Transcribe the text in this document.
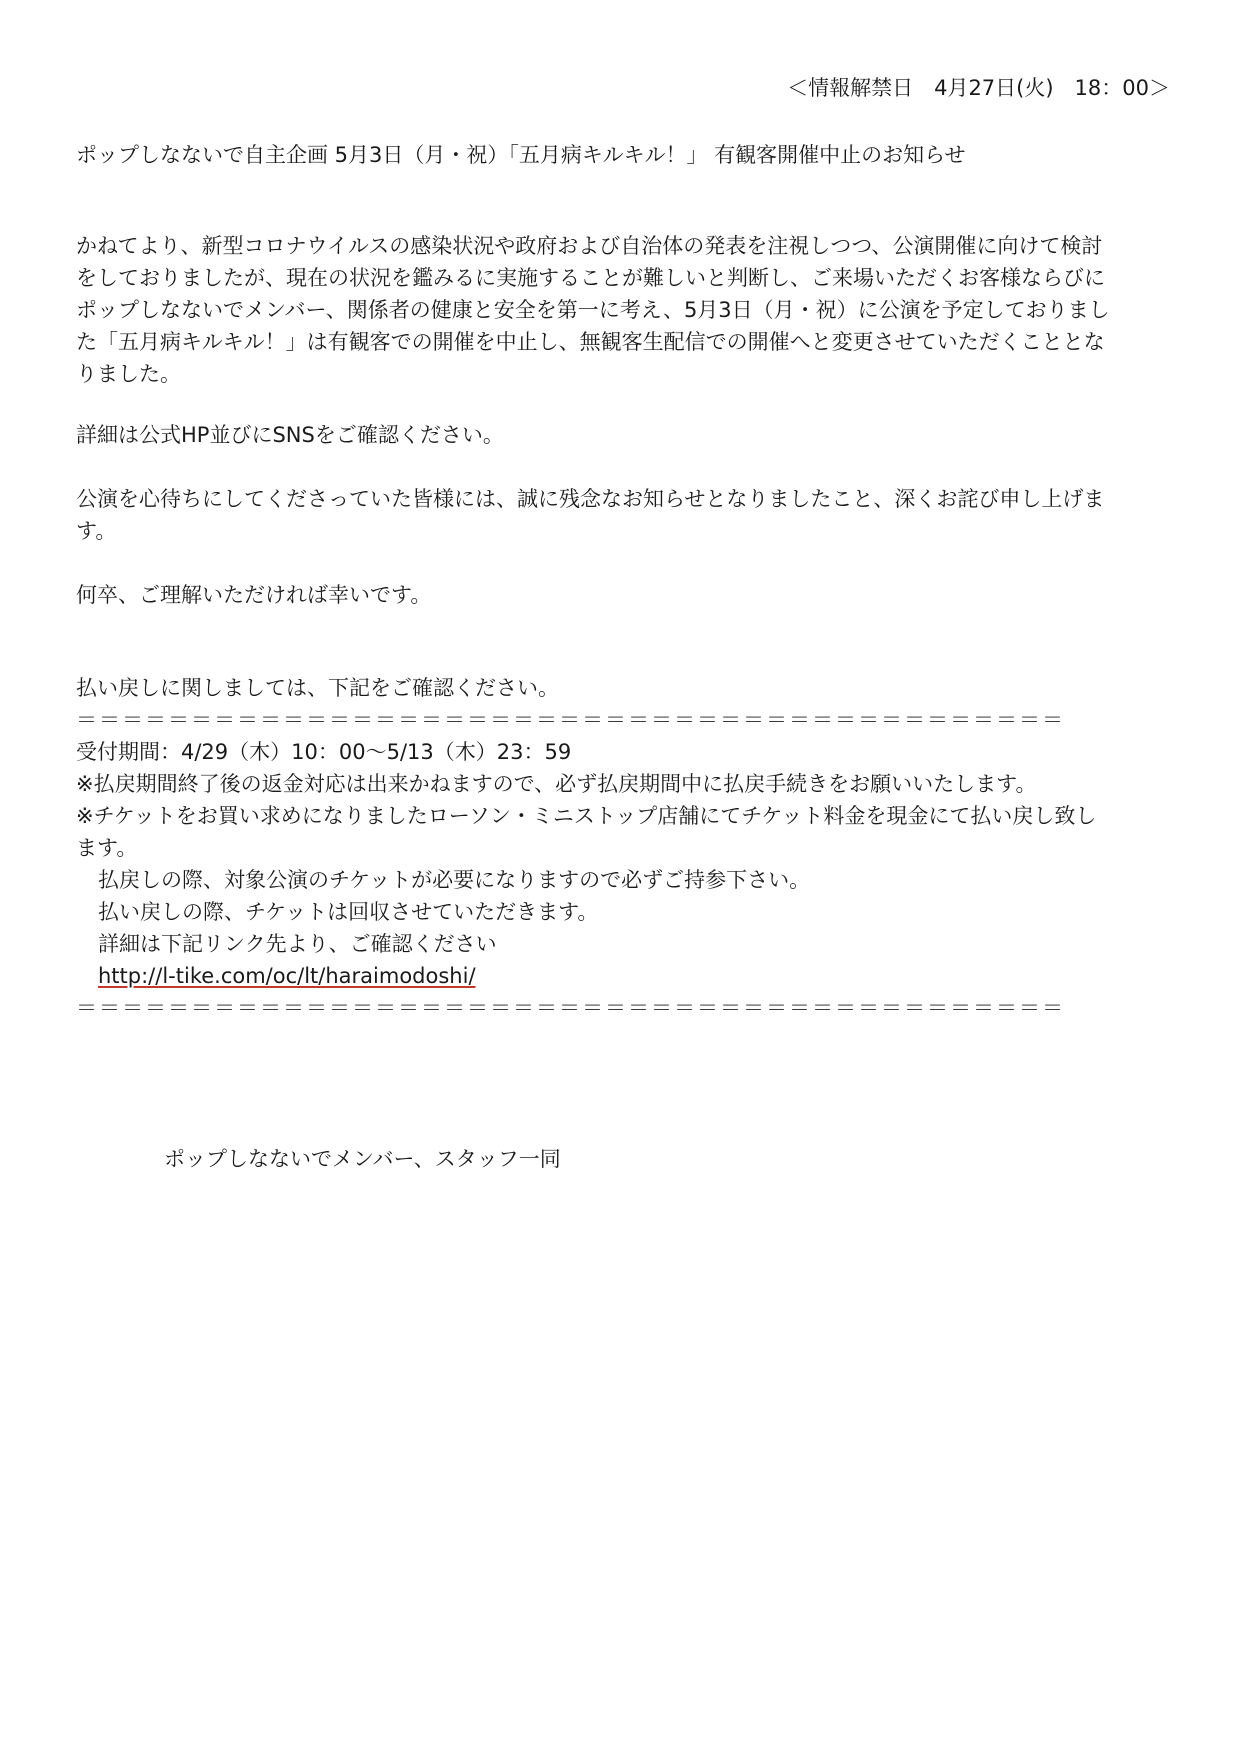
＜情報解禁日　4月27日(火)　18：00＞
ポップしなないで自主企画 5月3日（月・祝）「五月病キルキル！」 有観客開催中止のお知らせ
かねてより、新型コロナウイルスの感染状況や政府および自治体の発表を注視しつつ、公演開催に向けて検討
をしておりましたが、現在の状況を鑑みるに実施することが難しいと判断し、ご来場いただくお客様ならびに
ポップしなないでメンバー、関係者の健康と安全を第一に考え、5月3日（月・祝）に公演を予定しておりまし
た「五月病キルキル！」は有観客での開催を中止し、無観客生配信での開催へと変更させていただくこととな
りました。
詳細は公式HP並びにSNSをご確認ください。
公演を心待ちにしてくださっていた皆様には、誠に残念なお知らせとなりましたこと、深くお詫び申し上げま
す。
何卒、ご理解いただければ幸いです。
払い戻しに関しましては、下記をご確認ください。
＝＝＝＝＝＝＝＝＝＝＝＝＝＝＝＝＝＝＝＝＝＝＝＝＝＝＝＝＝＝＝＝＝＝＝＝＝＝＝＝＝＝＝
受付期間：4/29（木）10：00〜5/13（木）23：59
※払戻期間終了後の返金対応は出来かねますので、必ず払戻期間中に払戻手続きをお願いいたします。
※チケットをお買い求めになりましたローソン・ミニストップ店舗にてチケット料金を現金にて払い戻し致し
ます。
払戻しの際、対象公演のチケットが必要になりますので必ずご持参下さい。
払い戻しの際、チケットは回収させていただきます。
詳細は下記リンク先より、ご確認ください
http://l-tike.com/oc/lt/haraimodoshi/
＝＝＝＝＝＝＝＝＝＝＝＝＝＝＝＝＝＝＝＝＝＝＝＝＝＝＝＝＝＝＝＝＝＝＝＝＝＝＝＝＝＝＝
ポップしなないでメンバー、スタッフ一同
